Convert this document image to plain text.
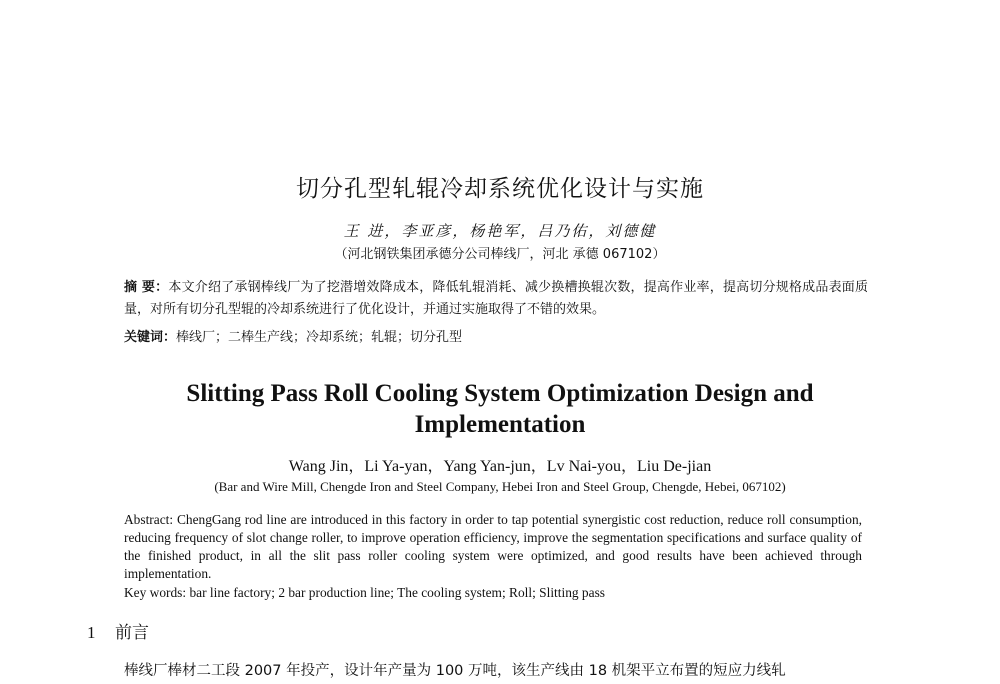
切分孔型轧辊冷却系统优化设计与实施
王 进，李亚彦，杨艳军，吕乃佑，刘德健
（河北钢铁集团承德分公司棒线厂，河北 承德 067102）
摘 要：本文介绍了承钢棒线厂为了挖潜增效降成本，降低轧辊消耗、减少换槽换辊次数，提高作业率，提高切分规格成品表面质量，对所有切分孔型辊的冷却系统进行了优化设计，并通过实施取得了不错的效果。
关键词：棒线厂；二棒生产线；冷却系统；轧辊；切分孔型
Slitting Pass Roll Cooling System Optimization Design and Implementation
Wang Jin，Li Ya-yan，Yang Yan-jun，Lv Nai-you，Liu De-jian
(Bar and Wire Mill, Chengde Iron and Steel Company, Hebei Iron and Steel Group, Chengde, Hebei, 067102)
Abstract: ChengGang rod line are introduced in this factory in order to tap potential synergistic cost reduction, reduce roll consumption, reducing frequency of slot change roller, to improve operation efficiency, improve the segmentation specifications and surface quality of the finished product, in all the slit pass roller cooling system were optimized, and good results have been achieved through implementation.
Key words: bar line factory; 2 bar production line; The cooling system; Roll; Slitting pass
1 前言
棒线厂棒材二工段 2007 年投产，设计年产量为 100 万吨，该生产线由 18 机架平立布置的短应力线轧
